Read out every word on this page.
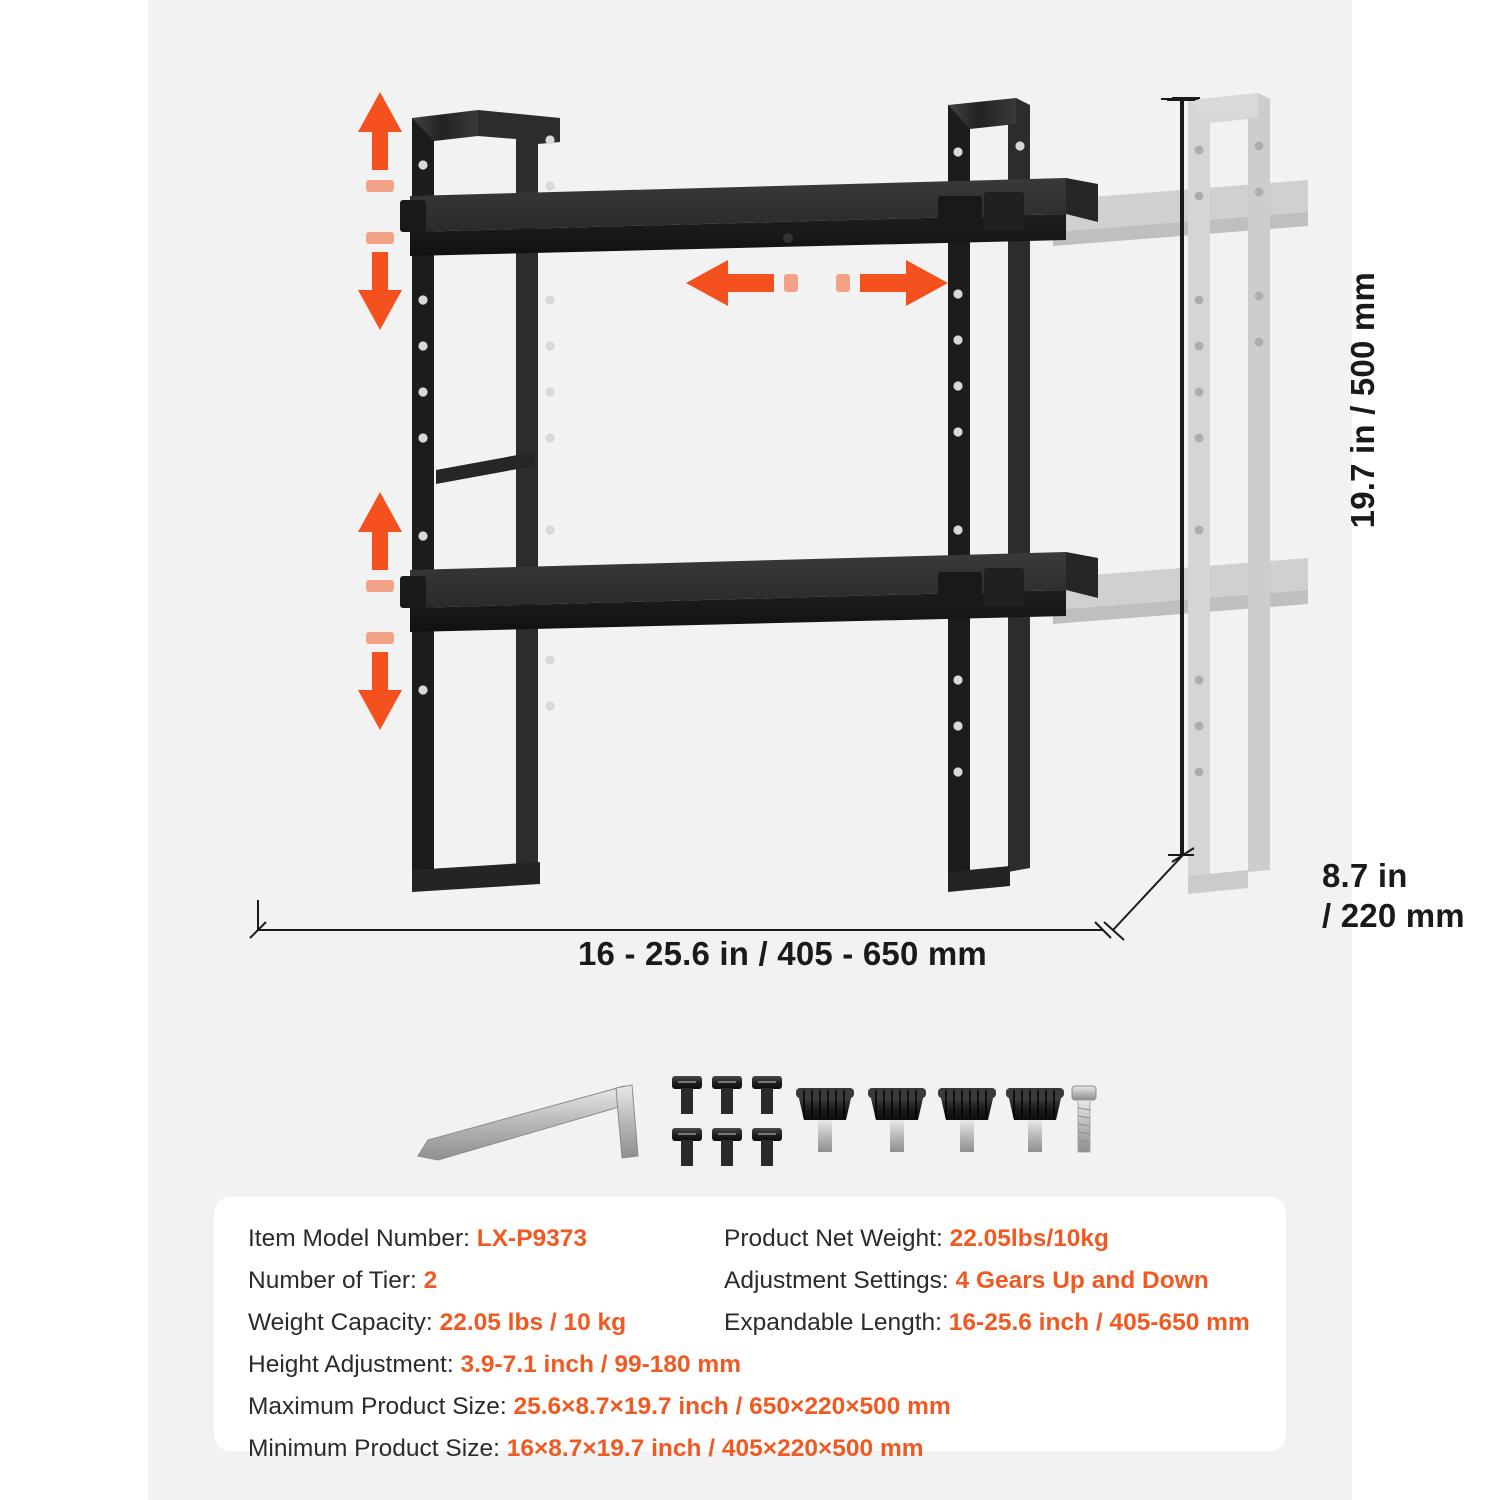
19.7 in / 500 mm
8.7 in
/ 220 mm
16 - 25.6 in / 405 - 650 mm
Item Model Number: LX-P9373
Number of Tier: 2
Weight Capacity: 22.05 lbs / 10 kg
Height Adjustment: 3.9-7.1 inch / 99-180 mm
Maximum Product Size: 25.6×8.7×19.7 inch / 650×220×500 mm
Minimum Product Size: 16×8.7×19.7 inch / 405×220×500 mm
Product Net Weight: 22.05lbs/10kg
Adjustment Settings: 4 Gears Up and Down
Expandable Length: 16-25.6 inch / 405-650 mm
